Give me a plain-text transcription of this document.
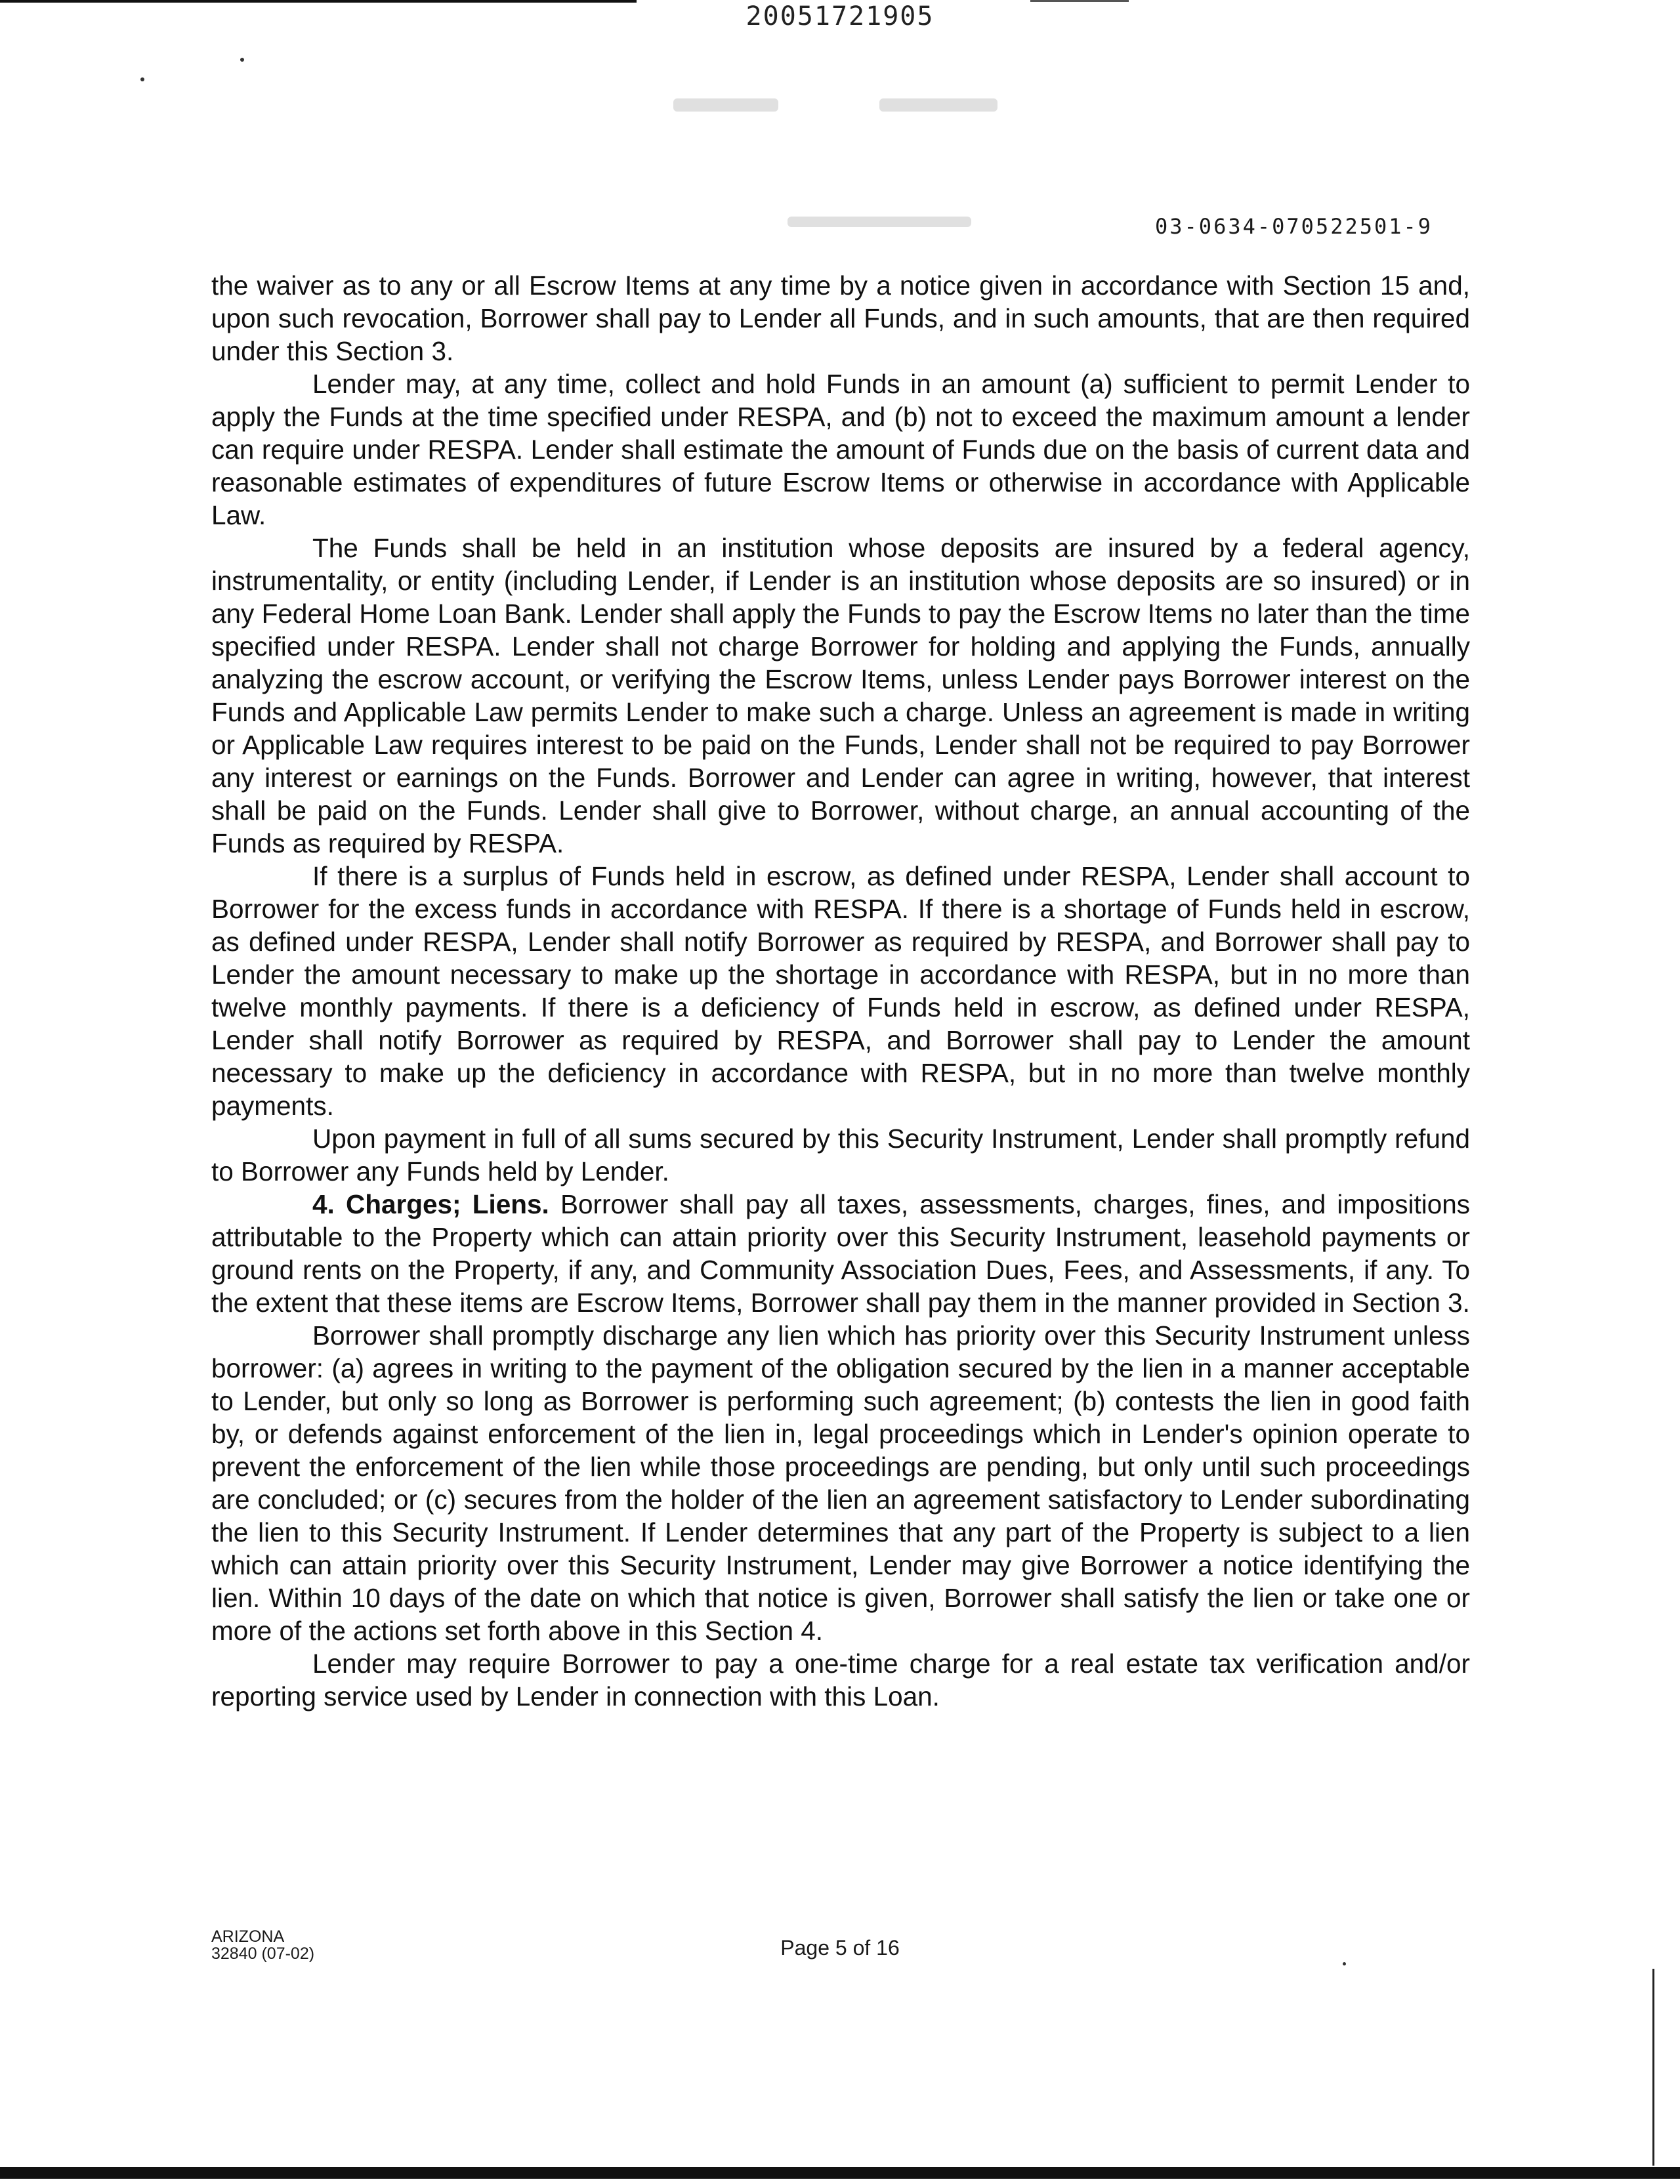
20051721905
03-0634-070522501-9

the waiver as to any or all Escrow Items at any time by a notice given in accordance with Section 15 and, upon such revocation, Borrower shall pay to Lender all Funds, and in such amounts, that are then required under this Section 3.

Lender may, at any time, collect and hold Funds in an amount (a) sufficient to permit Lender to apply the Funds at the time specified under RESPA, and (b) not to exceed the maximum amount a lender can require under RESPA. Lender shall estimate the amount of Funds due on the basis of current data and reasonable estimates of expenditures of future Escrow Items or otherwise in accordance with Applicable Law.

The Funds shall be held in an institution whose deposits are insured by a federal agency, instrumentality, or entity (including Lender, if Lender is an institution whose deposits are so insured) or in any Federal Home Loan Bank. Lender shall apply the Funds to pay the Escrow Items no later than the time specified under RESPA. Lender shall not charge Borrower for holding and applying the Funds, annually analyzing the escrow account, or verifying the Escrow Items, unless Lender pays Borrower interest on the Funds and Applicable Law permits Lender to make such a charge. Unless an agreement is made in writing or Applicable Law requires interest to be paid on the Funds, Lender shall not be required to pay Borrower any interest or earnings on the Funds. Borrower and Lender can agree in writing, however, that interest shall be paid on the Funds. Lender shall give to Borrower, without charge, an annual accounting of the Funds as required by RESPA.

If there is a surplus of Funds held in escrow, as defined under RESPA, Lender shall account to Borrower for the excess funds in accordance with RESPA. If there is a shortage of Funds held in escrow, as defined under RESPA, Lender shall notify Borrower as required by RESPA, and Borrower shall pay to Lender the amount necessary to make up the shortage in accordance with RESPA, but in no more than twelve monthly payments. If there is a deficiency of Funds held in escrow, as defined under RESPA, Lender shall notify Borrower as required by RESPA, and Borrower shall pay to Lender the amount necessary to make up the deficiency in accordance with RESPA, but in no more than twelve monthly payments.

Upon payment in full of all sums secured by this Security Instrument, Lender shall promptly refund to Borrower any Funds held by Lender.

4. Charges; Liens. Borrower shall pay all taxes, assessments, charges, fines, and impositions attributable to the Property which can attain priority over this Security Instrument, leasehold payments or ground rents on the Property, if any, and Community Association Dues, Fees, and Assessments, if any. To the extent that these items are Escrow Items, Borrower shall pay them in the manner provided in Section 3.

Borrower shall promptly discharge any lien which has priority over this Security Instrument unless borrower: (a) agrees in writing to the payment of the obligation secured by the lien in a manner acceptable to Lender, but only so long as Borrower is performing such agreement; (b) contests the lien in good faith by, or defends against enforcement of the lien in, legal proceedings which in Lender's opinion operate to prevent the enforcement of the lien while those proceedings are pending, but only until such proceedings are concluded; or (c) secures from the holder of the lien an agreement satisfactory to Lender subordinating the lien to this Security Instrument. If Lender determines that any part of the Property is subject to a lien which can attain priority over this Security Instrument, Lender may give Borrower a notice identifying the lien. Within 10 days of the date on which that notice is given, Borrower shall satisfy the lien or take one or more of the actions set forth above in this Section 4.

Lender may require Borrower to pay a one-time charge for a real estate tax verification and/or reporting service used by Lender in connection with this Loan.

ARIZONA
32840 (07-02)	Page 5 of 16
